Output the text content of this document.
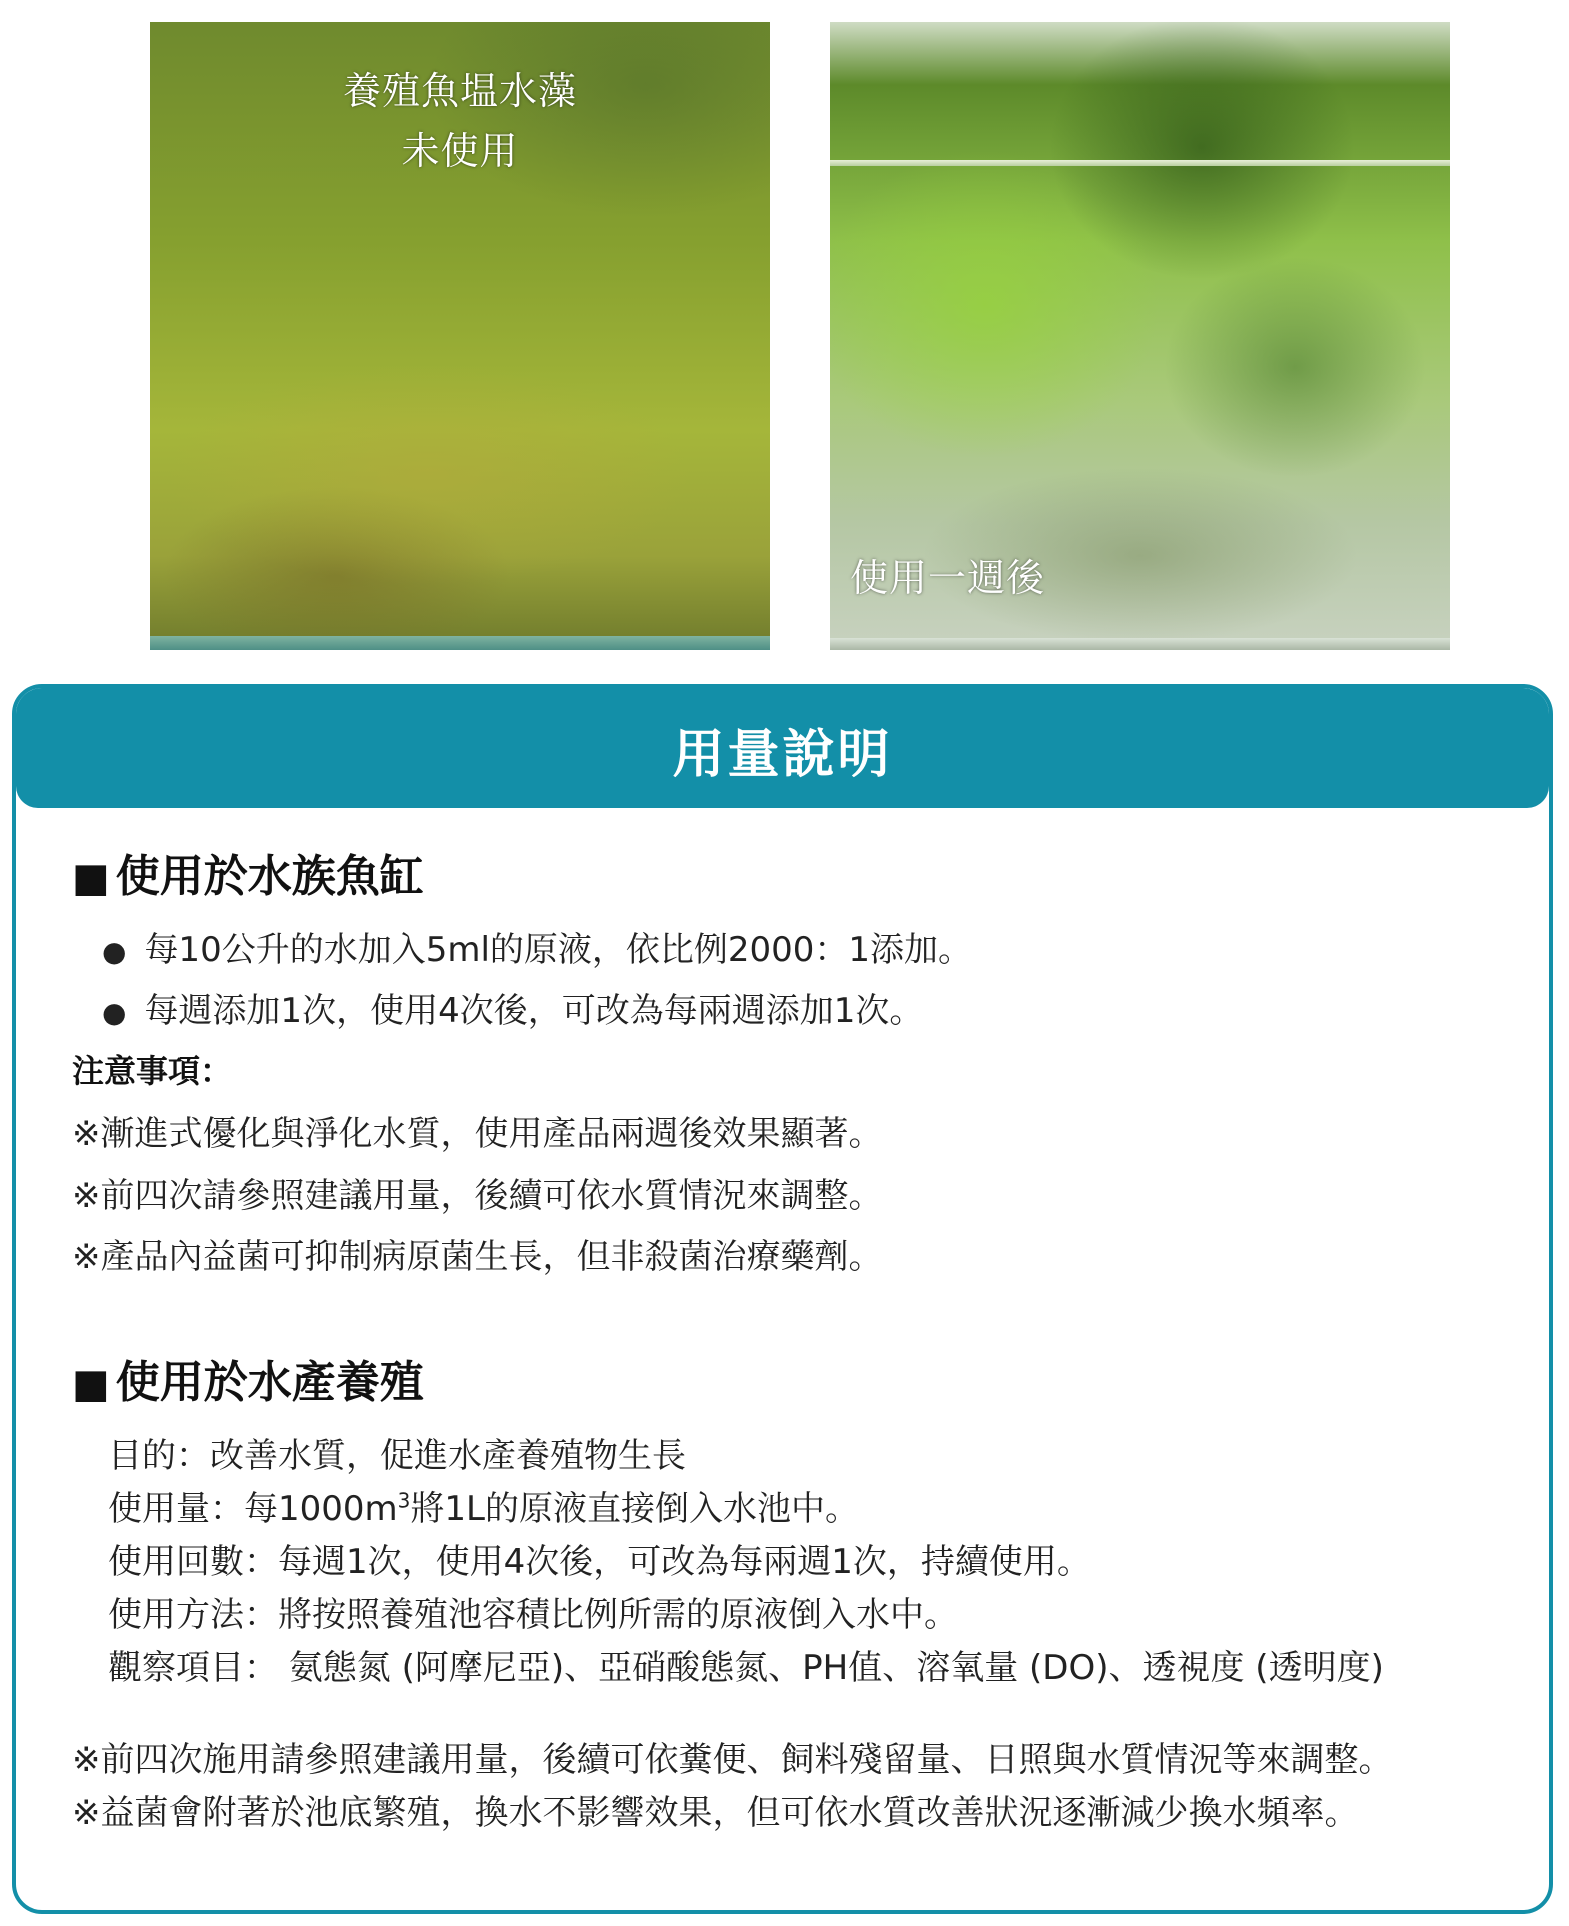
養殖魚塭水藻
未使用
使用一週後
用量說明
■ 使用於水族魚缸
● 每10公升的水加入5ml的原液，依比例2000：1添加。
● 每週添加1次，使用4次後，可改為每兩週添加1次。
注意事項：
※漸進式優化與淨化水質，使用產品兩週後效果顯著。
※前四次請參照建議用量，後續可依水質情況來調整。
※產品內益菌可抑制病原菌生長，但非殺菌治療藥劑。
■ 使用於水產養殖
目的：改善水質，促進水產養殖物生長
使用量：每$1000m^3$將1L的原液直接倒入水池中。
使用回數：每週1次，使用4次後，可改為每兩週1次，持續使用。
使用方法：將按照養殖池容積比例所需的原液倒入水中。
觀察項目： 氨態氮 (阿摩尼亞)、亞硝酸態氮、PH值、溶氧量 (DO)、透視度 (透明度)
※前四次施用請參照建議用量，後續可依糞便、飼料殘留量、日照與水質情況等來調整。
※益菌會附著於池底繁殖，換水不影響效果，但可依水質改善狀況逐漸減少換水頻率。
